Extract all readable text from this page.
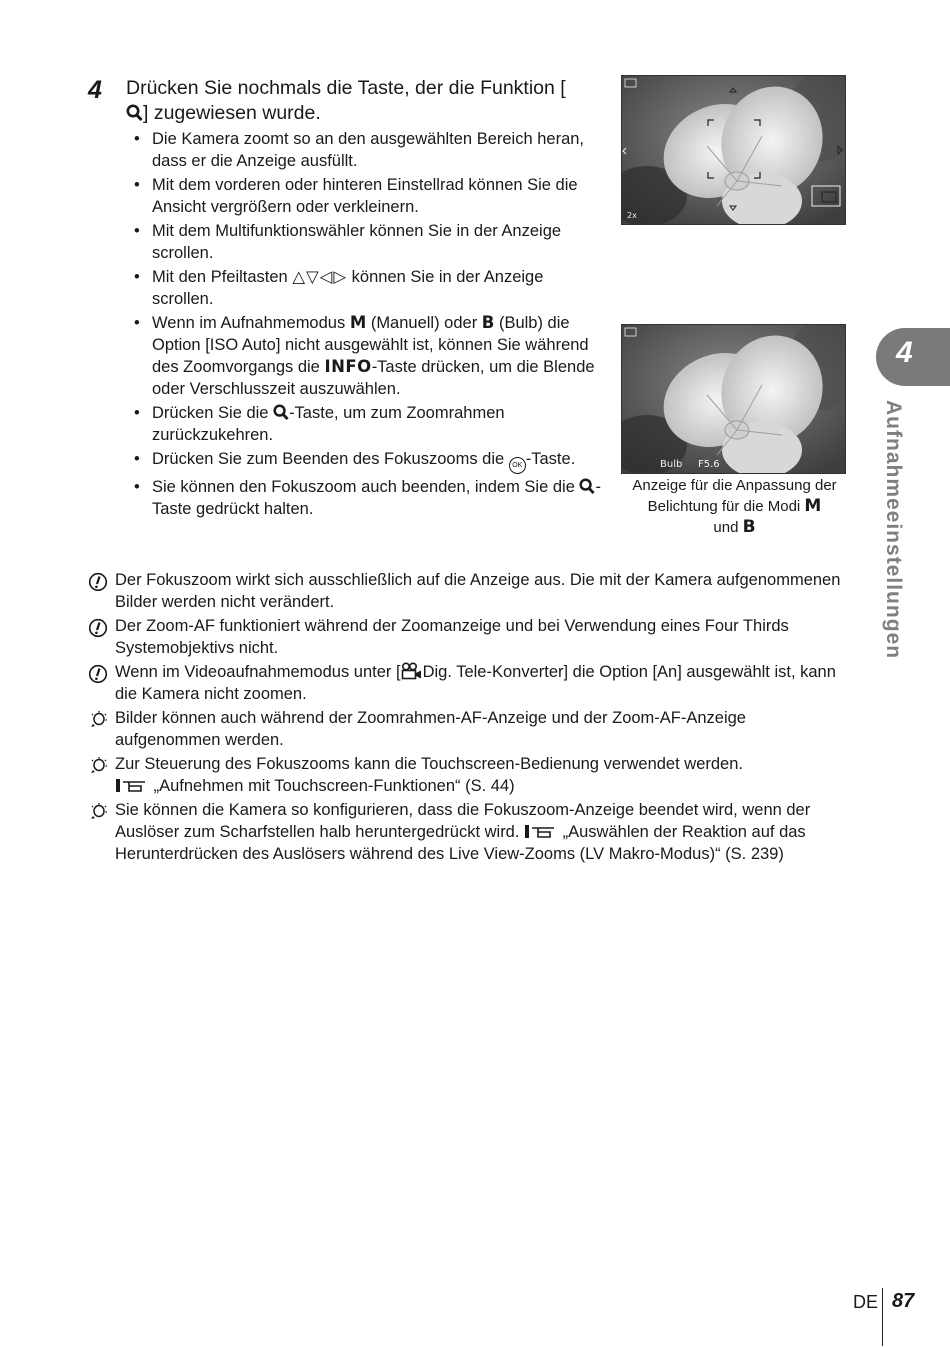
4 Drücken Sie nochmals die Taste, der die Funktion [] zugewiesen wurde.
• Die Kamera zoomt so an den ausgewählten Bereich heran, dass er die Anzeige ausfüllt.
• Mit dem vorderen oder hinteren Einstellrad können Sie die Ansicht vergrößern oder verkleinern.
• Mit dem Multifunktionswähler können Sie in der Anzeige scrollen.
• Mit den Pfeiltasten △▽◁▷ können Sie in der Anzeige scrollen.
• Wenn im Aufnahmemodus M (Manuell) oder B (Bulb) die Option [ISO Auto] nicht ausgewählt ist, können Sie während des Zoomvorgangs die INFO-Taste drücken, um die Blende oder Verschlusszeit auszuwählen.
• Drücken Sie die -Taste, um zum Zoomrahmen zurückzukehren.
• Drücken Sie zum Beenden des Fokuszooms die OK -Taste.
• Sie können den Fokuszoom auch beenden, indem Sie die -Taste gedrückt halten.
2x
Bulb F5.6
Anzeige für die Anpassung der Belichtung für die Modi M
und B
Der Fokuszoom wirkt sich ausschließlich auf die Anzeige aus. Die mit der Kamera aufgenommenen Bilder werden nicht verändert.
Der Zoom-AF funktioniert während der Zoomanzeige und bei Verwendung eines Four Thirds Systemobjektivs nicht.
Wenn im Videoaufnahmemodus unter [ Dig. Tele-Konverter] die Option [An] ausgewählt ist, kann die Kamera nicht zoomen.
Bilder können auch während der Zoomrahmen-AF-Anzeige und der Zoom-AF-Anzeige aufgenommen werden.
Zur Steuerung des Fokuszooms kann die Touchscreen-Bedienung verwendet werden.
„Aufnehmen mit Touchscreen-Funktionen“ (S. 44)
Sie können die Kamera so konfigurieren, dass die Fokuszoom-Anzeige beendet wird, wenn der Auslöser zum Scharfstellen halb heruntergedrückt wird.  „Auswählen der Reaktion auf das Herunterdrücken des Auslösers während des Live View-Zooms (LV Makro-Modus)“ (S. 239)
4
Aufnahmeeinstellungen
DE 87
